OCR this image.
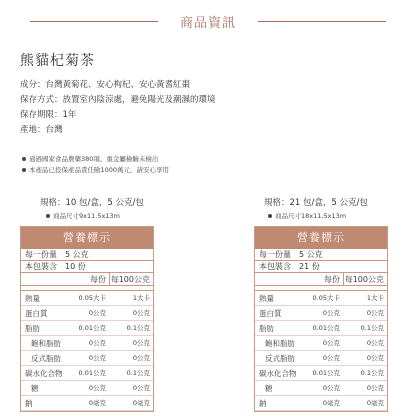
商品資訊
熊貓杞菊茶
成分：台灣黃菊花、安心枸杞、安心黃耆紅棗
保存方式：放置室內陰涼處，避免陽光及潮濕的環境
保存期限：1年
產地：台灣
通過國家食品農藥380項、重金屬檢驗未檢出
本產品已投保產品責任險1000萬元，請安心享用
規格：10 包/盒，5 公克/包
商品尺寸9x11.5x13m
營養標示
每一份量 5 公克
本包裝含 10 份
每份 每100公克
熱量	0.05大卡	1大卡
蛋白質	0公克	0公克
脂肪	0.01公克	0.1公克
飽和脂肪	0公克	0公克
反式脂肪	0公克	0公克
碳水化合物	0.01公克	0.1公克
糖	0公克	0公克
鈉	0毫克	0毫克
規格：21 包/盒，5 公克/包
商品尺寸18x11.5x13m
營養標示
每一份量 5 公克
本包裝含 21 份
每份 每100公克
熱量	0.05大卡	1大卡
蛋白質	0公克	0公克
脂肪	0.01公克	0.1公克
飽和脂肪	0公克	0公克
反式脂肪	0公克	0公克
碳水化合物	0.01公克	0.1公克
糖	0公克	0公克
鈉	0毫克	0毫克
